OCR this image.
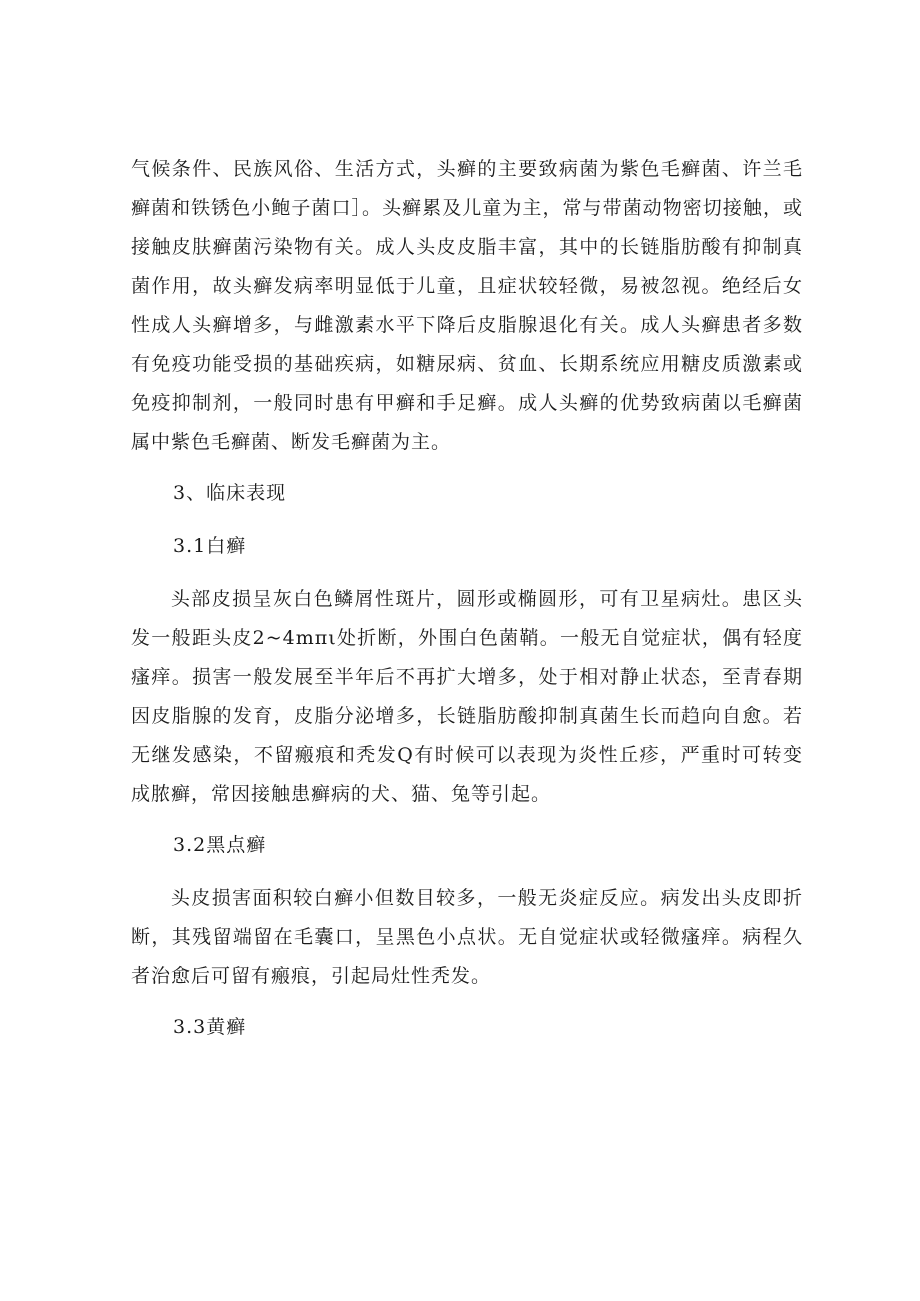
气候条件、民族风俗、生活方式，头癣的主要致病菌为紫色毛癣菌、许兰毛癣菌和铁锈色小鲍子菌口］。头癣累及儿童为主，常与带菌动物密切接触，或接触皮肤癣菌污染物有关。成人头皮皮脂丰富，其中的长链脂肪酸有抑制真菌作用，故头癣发病率明显低于儿童，且症状较轻微，易被忽视。绝经后女性成人头癣增多，与雌激素水平下降后皮脂腺退化有关。成人头癣患者多数有免疫功能受损的基础疾病，如糖尿病、贫血、长期系统应用糖皮质激素或免疫抑制剂，一般同时患有甲癣和手足癣。成人头癣的优势致病菌以毛癣菌属中紫色毛癣菌、断发毛癣菌为主。

3、临床表现

3.1白癣

头部皮损呈灰白色鳞屑性斑片，圆形或椭圆形，可有卫星病灶。患区头发一般距头皮2~4mπι处折断，外围白色菌鞘。一般无自觉症状，偶有轻度瘙痒。损害一般发展至半年后不再扩大增多，处于相对静止状态，至青春期因皮脂腺的发育，皮脂分泌增多，长链脂肪酸抑制真菌生长而趋向自愈。若无继发感染，不留瘢痕和秃发Q有时候可以表现为炎性丘疹，严重时可转变成脓癣，常因接触患癣病的犬、猫、兔等引起。

3.2黑点癣

头皮损害面积较白癣小但数目较多，一般无炎症反应。病发出头皮即折断，其残留端留在毛囊口，呈黑色小点状。无自觉症状或轻微瘙痒。病程久者治愈后可留有瘢痕，引起局灶性秃发。

3.3黄癣
